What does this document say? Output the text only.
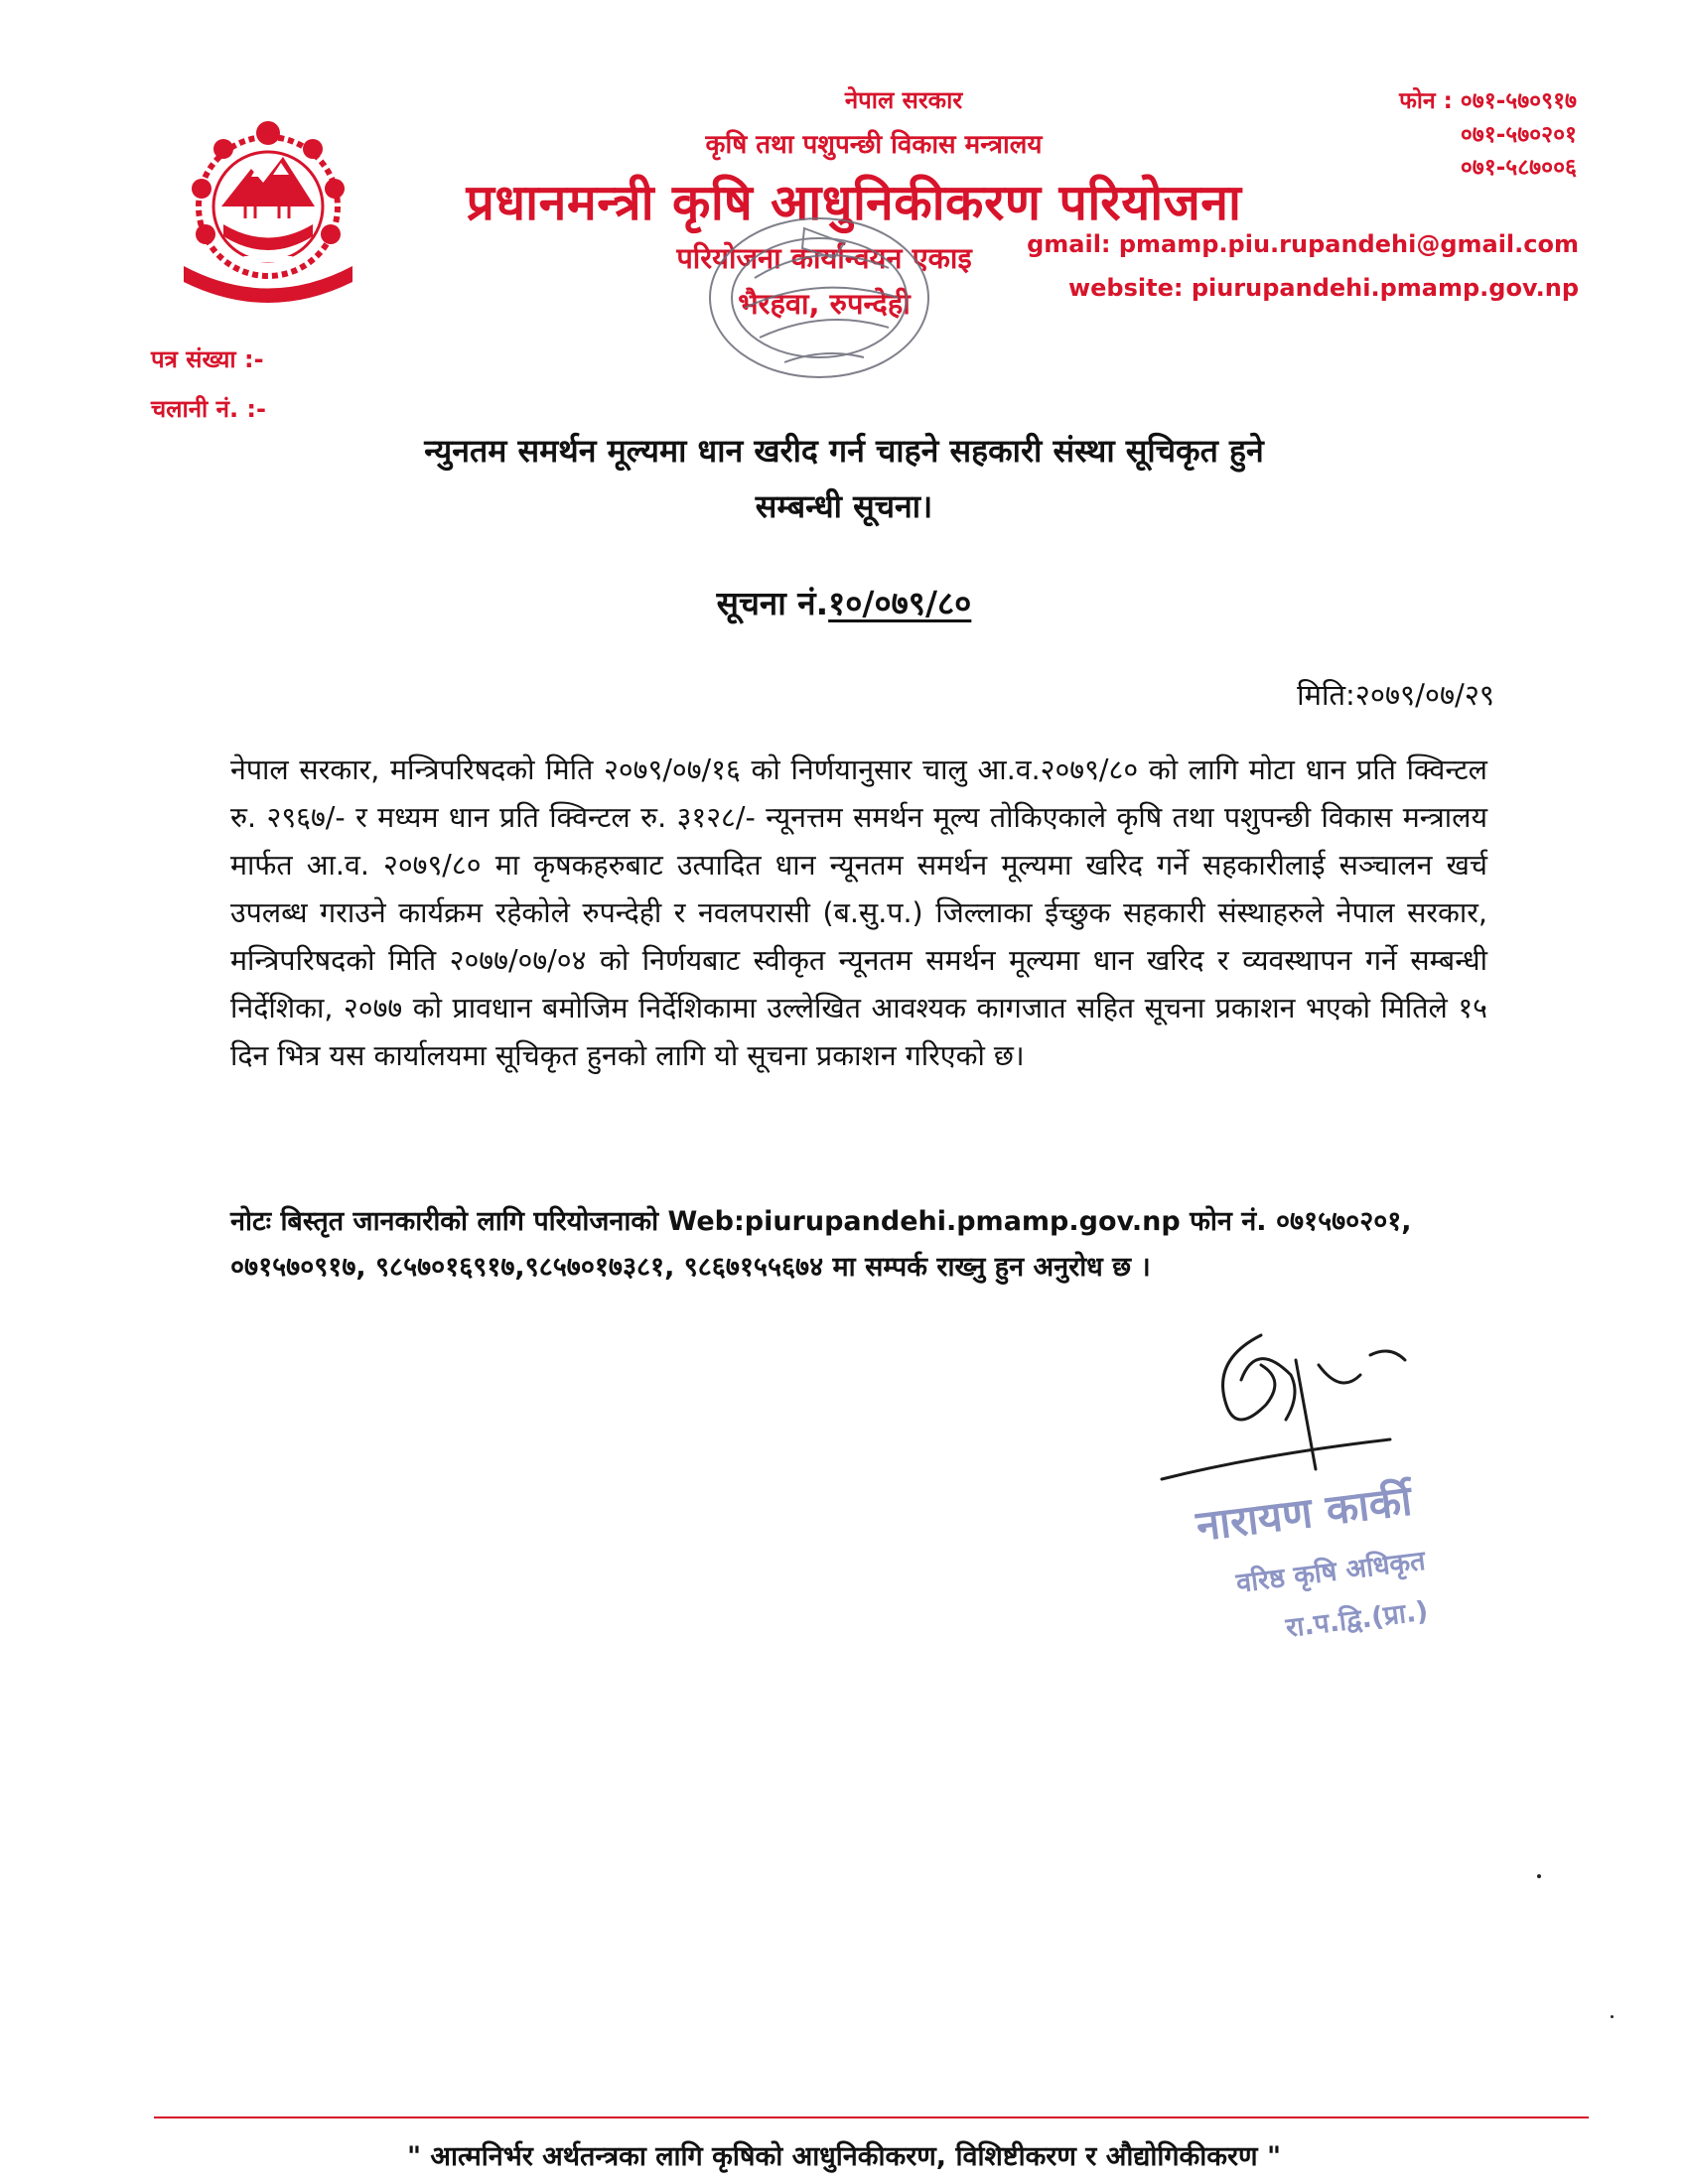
नेपाल सरकार
कृषि तथा पशुपन्छी विकास मन्त्रालय
प्रधानमन्त्री कृषि आधुनिकीकरण परियोजना
परियोजना कार्यान्वयन एकाइ
भैरहवा, रुपन्देही
फोन : ०७१-५७०९१७
०७१-५७०२०१
०७१-५८७००६
gmail: pmamp.piu.rupandehi@gmail.com
website: piurupandehi.pmamp.gov.np
पत्र संख्या :-
चलानी नं. :-
न्युनतम समर्थन मूल्यमा धान खरीद गर्न चाहने सहकारी संस्था सूचिकृत हुने
सम्बन्धी सूचना।
सूचना नं.१०/०७९/८०
मिति:२०७९/०७/२९
नेपाल सरकार, मन्त्रिपरिषदको मिति २०७९/०७/१६ को निर्णयानुसार चालु आ.व.२०७९/८० को लागि मोटा धान प्रति क्विन्टल रु. २९६७/- र मध्यम धान प्रति क्विन्टल रु. ३१२८/- न्यूनत्तम समर्थन मूल्य तोकिएकाले कृषि तथा पशुपन्छी विकास मन्त्रालय मार्फत आ.व. २०७९/८० मा कृषकहरुबाट उत्पादित धान न्यूनतम समर्थन मूल्यमा खरिद गर्ने सहकारीलाई सञ्चालन खर्च उपलब्ध गराउने कार्यक्रम रहेकोले रुपन्देही र नवलपरासी (ब.सु.प.) जिल्लाका ईच्छुक सहकारी संस्थाहरुले नेपाल सरकार, मन्त्रिपरिषदको मिति २०७७/०७/०४ को निर्णयबाट स्वीकृत न्यूनतम समर्थन मूल्यमा धान खरिद र व्यवस्थापन गर्ने सम्बन्धी निर्देशिका, २०७७ को प्रावधान बमोजिम निर्देशिकामा उल्लेखित आवश्यक कागजात सहित सूचना प्रकाशन भएको मितिले १५ दिन भित्र यस कार्यालयमा सूचिकृत हुनको लागि यो सूचना प्रकाशन गरिएको छ।
नोटः बिस्तृत जानकारीको लागि परियोजनाको Web:piurupandehi.pmamp.gov.np फोन नं. ०७१५७०२०१, ०७१५७०९१७, ९८५७०१६९१७,९८५७०१७३८१, ९८६७१५५६७४ मा सम्पर्क राख्नु हुन अनुरोध छ ।
नारायण कार्की
वरिष्ठ कृषि अधिकृत
रा.प.द्वि.(प्रा.)
" आत्मनिर्भर अर्थतन्त्रका लागि कृषिको आधुनिकीकरण, विशिष्टीकरण र औद्योगिकीकरण "
